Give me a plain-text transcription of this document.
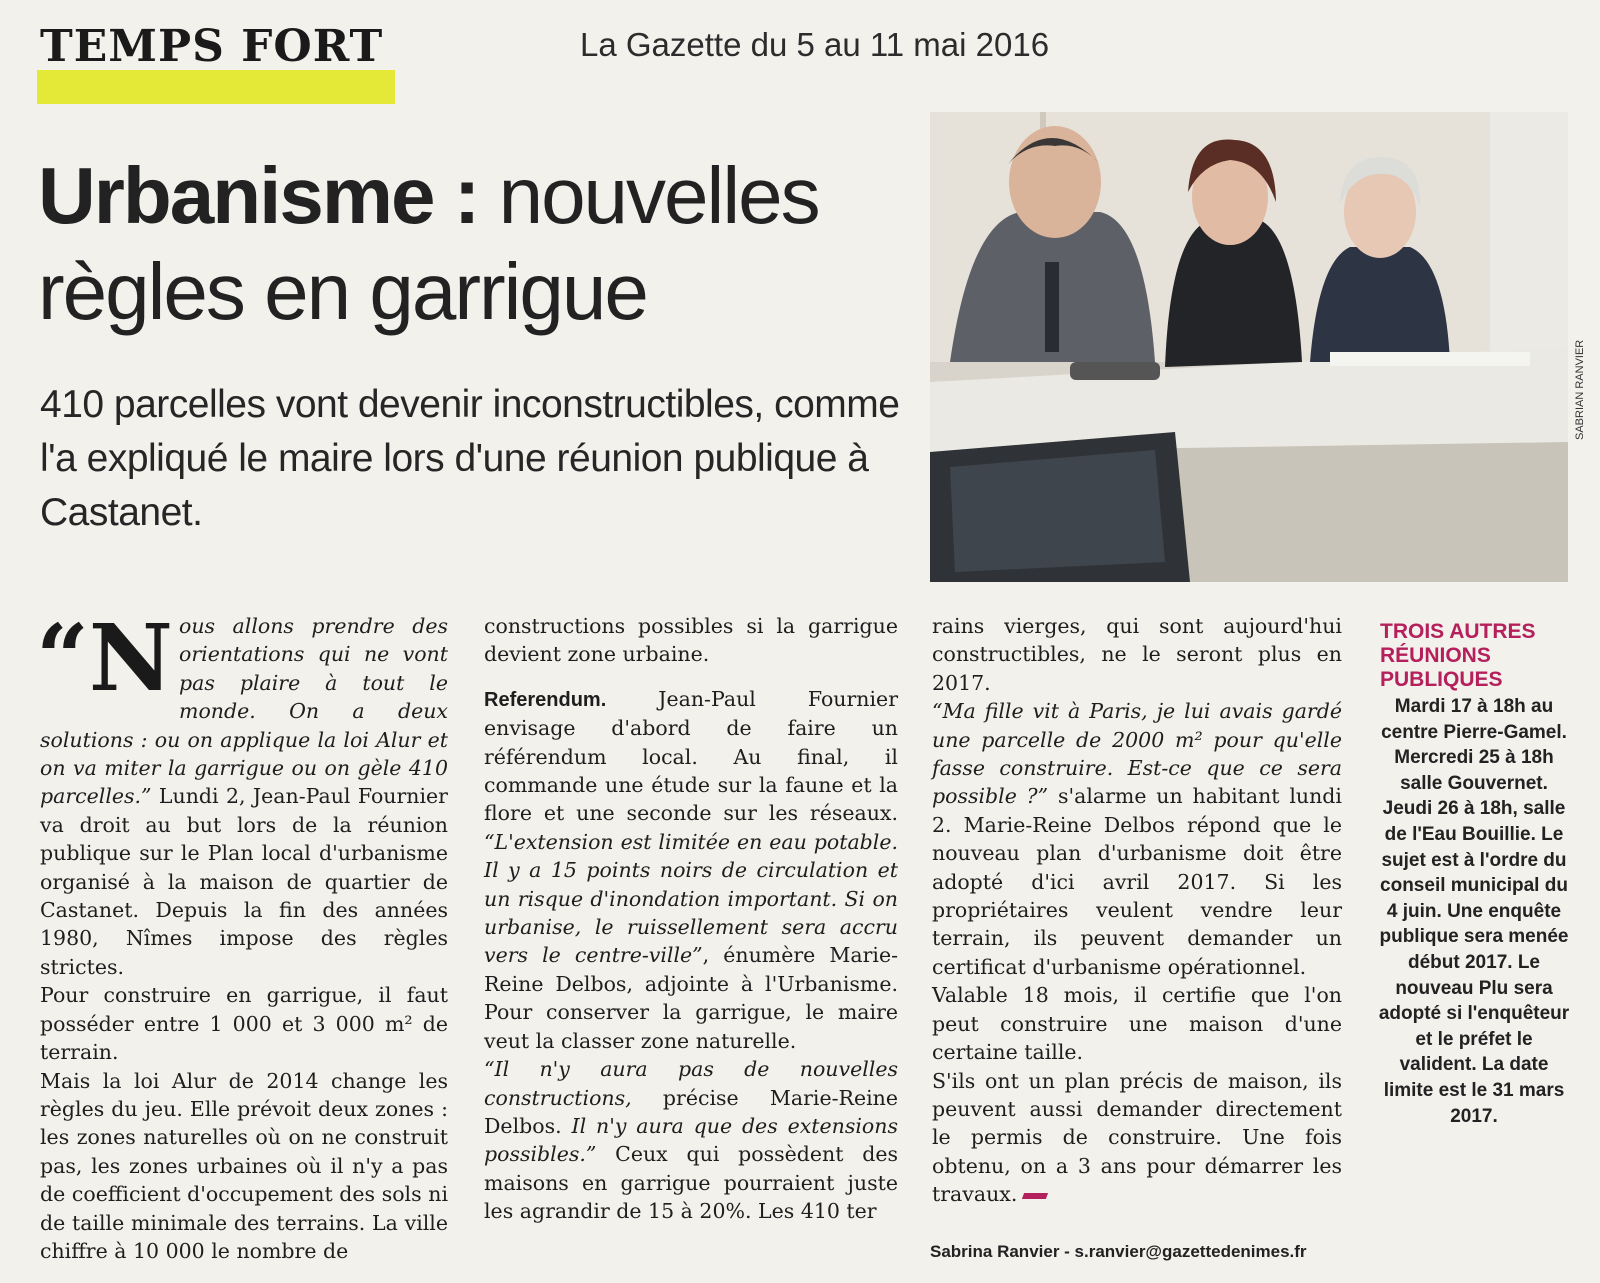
TEMPS FORT	La Gazette du 5 au 11 mai 2016
Urbanisme : nouvelles
règles en garrigue

410 parcelles vont devenir inconstructibles, comme l'a expliqué le maire lors d'une réunion publique à Castanet.

SABRIAN RANVIER

“N ous allons prendre des orientations qui ne vont pas plaire à tout le monde. On a deux solutions : ou on applique la loi Alur et on va miter la garrigue ou on gèle 410 parcelles.” Lundi 2, Jean-Paul Fournier va droit au but lors de la réunion publique sur le Plan local d'urbanisme organisé à la maison de quartier de Castanet. Depuis la fin des années 1980, Nîmes impose des règles strictes.

Pour construire en garrigue, il faut posséder entre 1 000 et 3 000 m² de terrain.

Mais la loi Alur de 2014 change les règles du jeu. Elle prévoit deux zones : les zones naturelles où on ne construit pas, les zones urbaines où il n'y a pas de coefficient d'occupement des sols ni de taille minimale des terrains. La ville chiffre à 10 000 le nombre de

constructions possibles si la garrigue devient zone urbaine.

Referendum. Jean-Paul Fournier envisage d'abord de faire un référendum local. Au final, il commande une étude sur la faune et la flore et une seconde sur les réseaux. “L'extension est limitée en eau potable. Il y a 15 points noirs de circulation et un risque d'inondation important. Si on urbanise, le ruissellement sera accru vers le centre-ville”, énumère Marie-Reine Delbos, adjointe à l'Urbanisme. Pour conserver la garrigue, le maire veut la classer zone naturelle.

“Il n'y aura pas de nouvelles constructions, précise Marie-Reine Delbos. Il n'y aura que des extensions possibles.” Ceux qui possèdent des maisons en garrigue pourraient juste les agrandir de 15 à 20%. Les 410 ter

rains vierges, qui sont aujourd'hui constructibles, ne le seront plus en 2017.

“Ma fille vit à Paris, je lui avais gardé une parcelle de 2000 m² pour qu'elle fasse construire. Est-ce que ce sera possible ?” s'alarme un habitant lundi 2. Marie-Reine Delbos répond que le nouveau plan d'urbanisme doit être adopté d'ici avril 2017. Si les propriétaires veulent vendre leur terrain, ils peuvent demander un certificat d'urbanisme opérationnel.

Valable 18 mois, il certifie que l'on peut construire une maison d'une certaine taille.

S'ils ont un plan précis de maison, ils peuvent aussi demander directement le permis de construire. Une fois obtenu, on a 3 ans pour démarrer les travaux.

Sabrina Ranvier - s.ranvier@gazettedenimes.fr
TROIS AUTRES RÉUNIONS PUBLIQUES

Mardi 17 à 18h au centre Pierre-Gamel. Mercredi 25 à 18h salle Gouvernet. Jeudi 26 à 18h, salle de l'Eau Bouillie. Le sujet est à l'ordre du conseil municipal du 4 juin. Une enquête publique sera menée début 2017. Le nouveau Plu sera adopté si l'enquêteur et le préfet le valident. La date limite est le 31 mars 2017.
